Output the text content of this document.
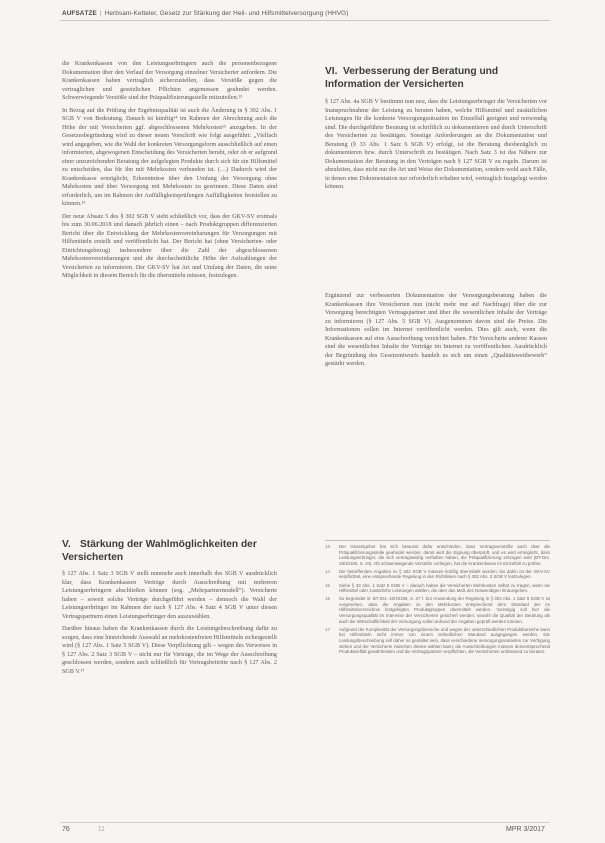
AUFSÄTZE | Herbsam-Ketteler, Gesetz zur Stärkung der Heil- und Hilfsmittelversorgung (HHVG)

die Krankenkassen von den Leistungserbringern auch die personenbezogene Dokumentation über den Verlauf der Versorgung einzelner Versicherter anfordern. Die Krankenkassen haben vertraglich sicherzustellen, dass Verstöße gegen die vertraglichen und gesetzlichen Pflichten angemessen geahndet werden. Schwerwiegende Verstöße sind der Präqualifizierungsstelle mitzuteilen.¹³

In Bezug auf die Prüfung der Ergebnisqualität ist auch die Änderung in § 302 Abs. 1 SGB V von Bedeutung. Danach ist künftig¹⁴ im Rahmen der Abrechnung auch die Höhe der mit Versicherten ggf. abgeschlossenen Mehrkosten¹⁵ anzugeben. In der Gesetzesbegründung wird zu dieser neuen Vorschrift wie folgt ausgeführt: „Vielfach wird angegeben, wie die Wahl der konkreten Versorgungsform ausschließlich auf einen informierten, abgewogenen Entscheidung des Versicherten beruht, oder ob er aufgrund einer unzureichenden Beratung der aufgelegten Produkte durch sich für ein Hilfsmittel zu entscheiden, das für ihn mit Mehrkosten verbunden ist. (…) Dadurch wird der Krankenkasse ermöglicht, Erkenntnisse über den Umfang der Versorgung ohne Mehrkosten und über Versorgung mit Mehrkosten zu gewinnen. Diese Daten sind erforderlich, um im Rahmen der Auffälligkeitsprüfungen Auffälligkeiten feststellen zu können.¹⁶

Der neue Absatz 5 des § 302 SGB V sieht schließlich vor, dass der GKV-SV erstmals bis zum 30.06.2018 und danach jährlich einen – nach Produktgruppen differenzierten Bericht über die Entwicklung der Mehrkostenvereinbarungen für Versorgungen mit Hilfsmitteln erstellt und veröffentlicht hat. Der Bericht hat (ohne Versicherten- oder Einrichtungsbezug) insbesondere über die Zahl der abgeschlossenen Mehrkostenvereinbarungen und die durchschnittliche Höhe der Aufzahlungen der Versicherten zu informieren. Der GKV-SV hat Art und Umfang der Daten, die seine Möglichkeit in diesem Bereich für die übermitteln müssen, festzulegen.

V. Stärkung der Wahlmöglichkeiten der Versicherten

§ 127 Abs. 1 Satz 3 SGB V stellt nunmehr auch innerhalb des SGB V ausdrücklich klar, dass Krankenkassen Verträge durch Ausschreibung mit mehreren Leistungserbringern abschließen können (sog. „Mehrpartnermodell“). Versicherte haben – soweit solche Verträge durchgeführt werden – dennoch die Wahl der Leistungserbringer im Rahmen der nach § 127 Abs. 4 Satz 4 SGB V unter diesen Vertragspartnern einen Leistungserbringer den auszuwählen.

Darüber hinaus haben die Krankenkassen durch die Leistungsbeschreibung dafür zu sorgen, dass eine hinreichende Auswahl an mehrkostenfreien Hilfsmitteln sichergestellt wird (§ 127 Abs. 1 Satz 5 SGB V). Diese Verpflichtung gilt – wegen des Verweises in § 127 Abs. 2 Satz 3 SGB V – nicht nur für Verträge, die im Wege der Ausschreibung geschlossen werden, sondern auch schließlich für Vertragsbeitritte nach § 127 Abs. 2 SGB V.¹⁷

VI. Verbesserung der Beratung und Information der Versicherten

§ 127 Abs. 4a SGB V bestimmt nun neu, dass die Leistungserbringer die Versicherten vor Inanspruchnahme der Leistung zu beraten haben, welche Hilfsmittel und zusätzlichen Leistungen für die konkrete Versorgungssituation im Einzelfall geeignet und notwendig sind. Die durchgeführte Beratung ist schriftlich zu dokumentieren und durch Unterschrift des Versicherten zu bestätigen. Sonstige Anforderungen an die Dokumentation und Beratung (§ 33 Abs. 1 Satz 6 SGB V) erfolgt, ist die Beratung diesbezüglich zu dokumentieren bzw. durch Unterschrift zu bestätigen. Nach Satz 3 ist das Nähere zur Dokumentation der Beratung in den Verträgen nach § 127 SGB V zu regeln. Darum ist abzuleiten, dass nicht nur die Art und Weise der Dokumentation, sondern wohl auch Fälle, in denen eine Dokumentation nur erforderlich erhalten wird, vertraglich festgelegt werden können.

Ergänzend zur verbesserten Dokumentation der Versorgungsberatung haben die Krankenkassen ihre Versicherten nun (nicht mehr nur auf Nachfrage) über die zur Versorgung berechtigten Vertragspartner und über die wesentlichen Inhalte der Verträge zu informieren (§ 127 Abs. 5 SGB V). Ausgenommen davon sind die Preise. Die Informationen sollen im Internet veröffentlicht werden. Dies gilt auch, wenn die Krankenkassen auf eine Ausschreibung verzichtet haben. Für Versicherte anderer Kassen sind die wesentlichen Inhalte der Verträge im Internet zu veröffentlichen. Ausdrücklich der Begründung des Gesetzentwurfs handelt es sich um einen „Qualitätswettbewerb“ gestärkt werden.

13 Der Gesetzgeber hat sich bewusst dafür entschieden, dass Vertragsverstöße auch über die Präqualifizierungsstelle geahndet werden; damit wird die Eignung überprüft, und es wird ermöglicht, dass Leistungserbringer, die sich vertragswidrig verhalten haben, die Präqualifizierung entzogen wird (BT-Drs. 18/10186, S. 34). Ob schwerwiegende Verstöße vorliegen, hat die Krankenkasse im Einzelfall zu prüfen.
14 Die betreffenden Angaben zu § 302 SGB V müssen künftig übermittelt werden; bis dahin ist der GKV-SV verpflichtet, eine entsprechende Regelung in den Richtlinien nach § 302 Abs. 2 SGB V festzulegen.
15 Siehe § 33 Abs. 1 Satz 5 SGB V – danach haben die Versicherten Mehrkosten selbst zu tragen, wenn sie Hilfsmittel oder zusätzliche Leistungen wählen, die über das Maß des Notwendigen hinausgehen.
16 So begründet in: BT-Drs. 18/10186, S. 37 f. Zur Anwendung der Regelung in § 302 Abs. 1 Satz 5 SGB V ist vorgesehen, dass die Angaben zu den Mehrkosten entsprechend dem Standard der im Hilfsmittelverzeichnis festgelegten Produktgruppen übermittelt werden. Vorrangig soll hier die Versorgungsqualität im Interesse der Versicherten gesichert werden; sowohl die Qualität der Beratung als auch die Wirtschaftlichkeit der Versorgung sollen anhand der Angaben geprüft werden können.
17 Aufgrund der Komplexität der Versorgungsbereiche und wegen der unterschiedlichen Produktbereiche kann bei Hilfsmitteln nicht immer von einem einheitlichen Standard ausgegangen werden. Die Leistungsbeschreibung soll daher so gestaltet sein, dass verschiedene Versorgungsvarianten zur Verfügung stehen und der Versicherte zwischen diesen wählen kann; die Ausschreibungen müssen dementsprechend Produktvielfalt gewährleisten und die Vertragspartner verpflichten, die Versicherten umfassend zu beraten.
76	11	MPR 3/2017
